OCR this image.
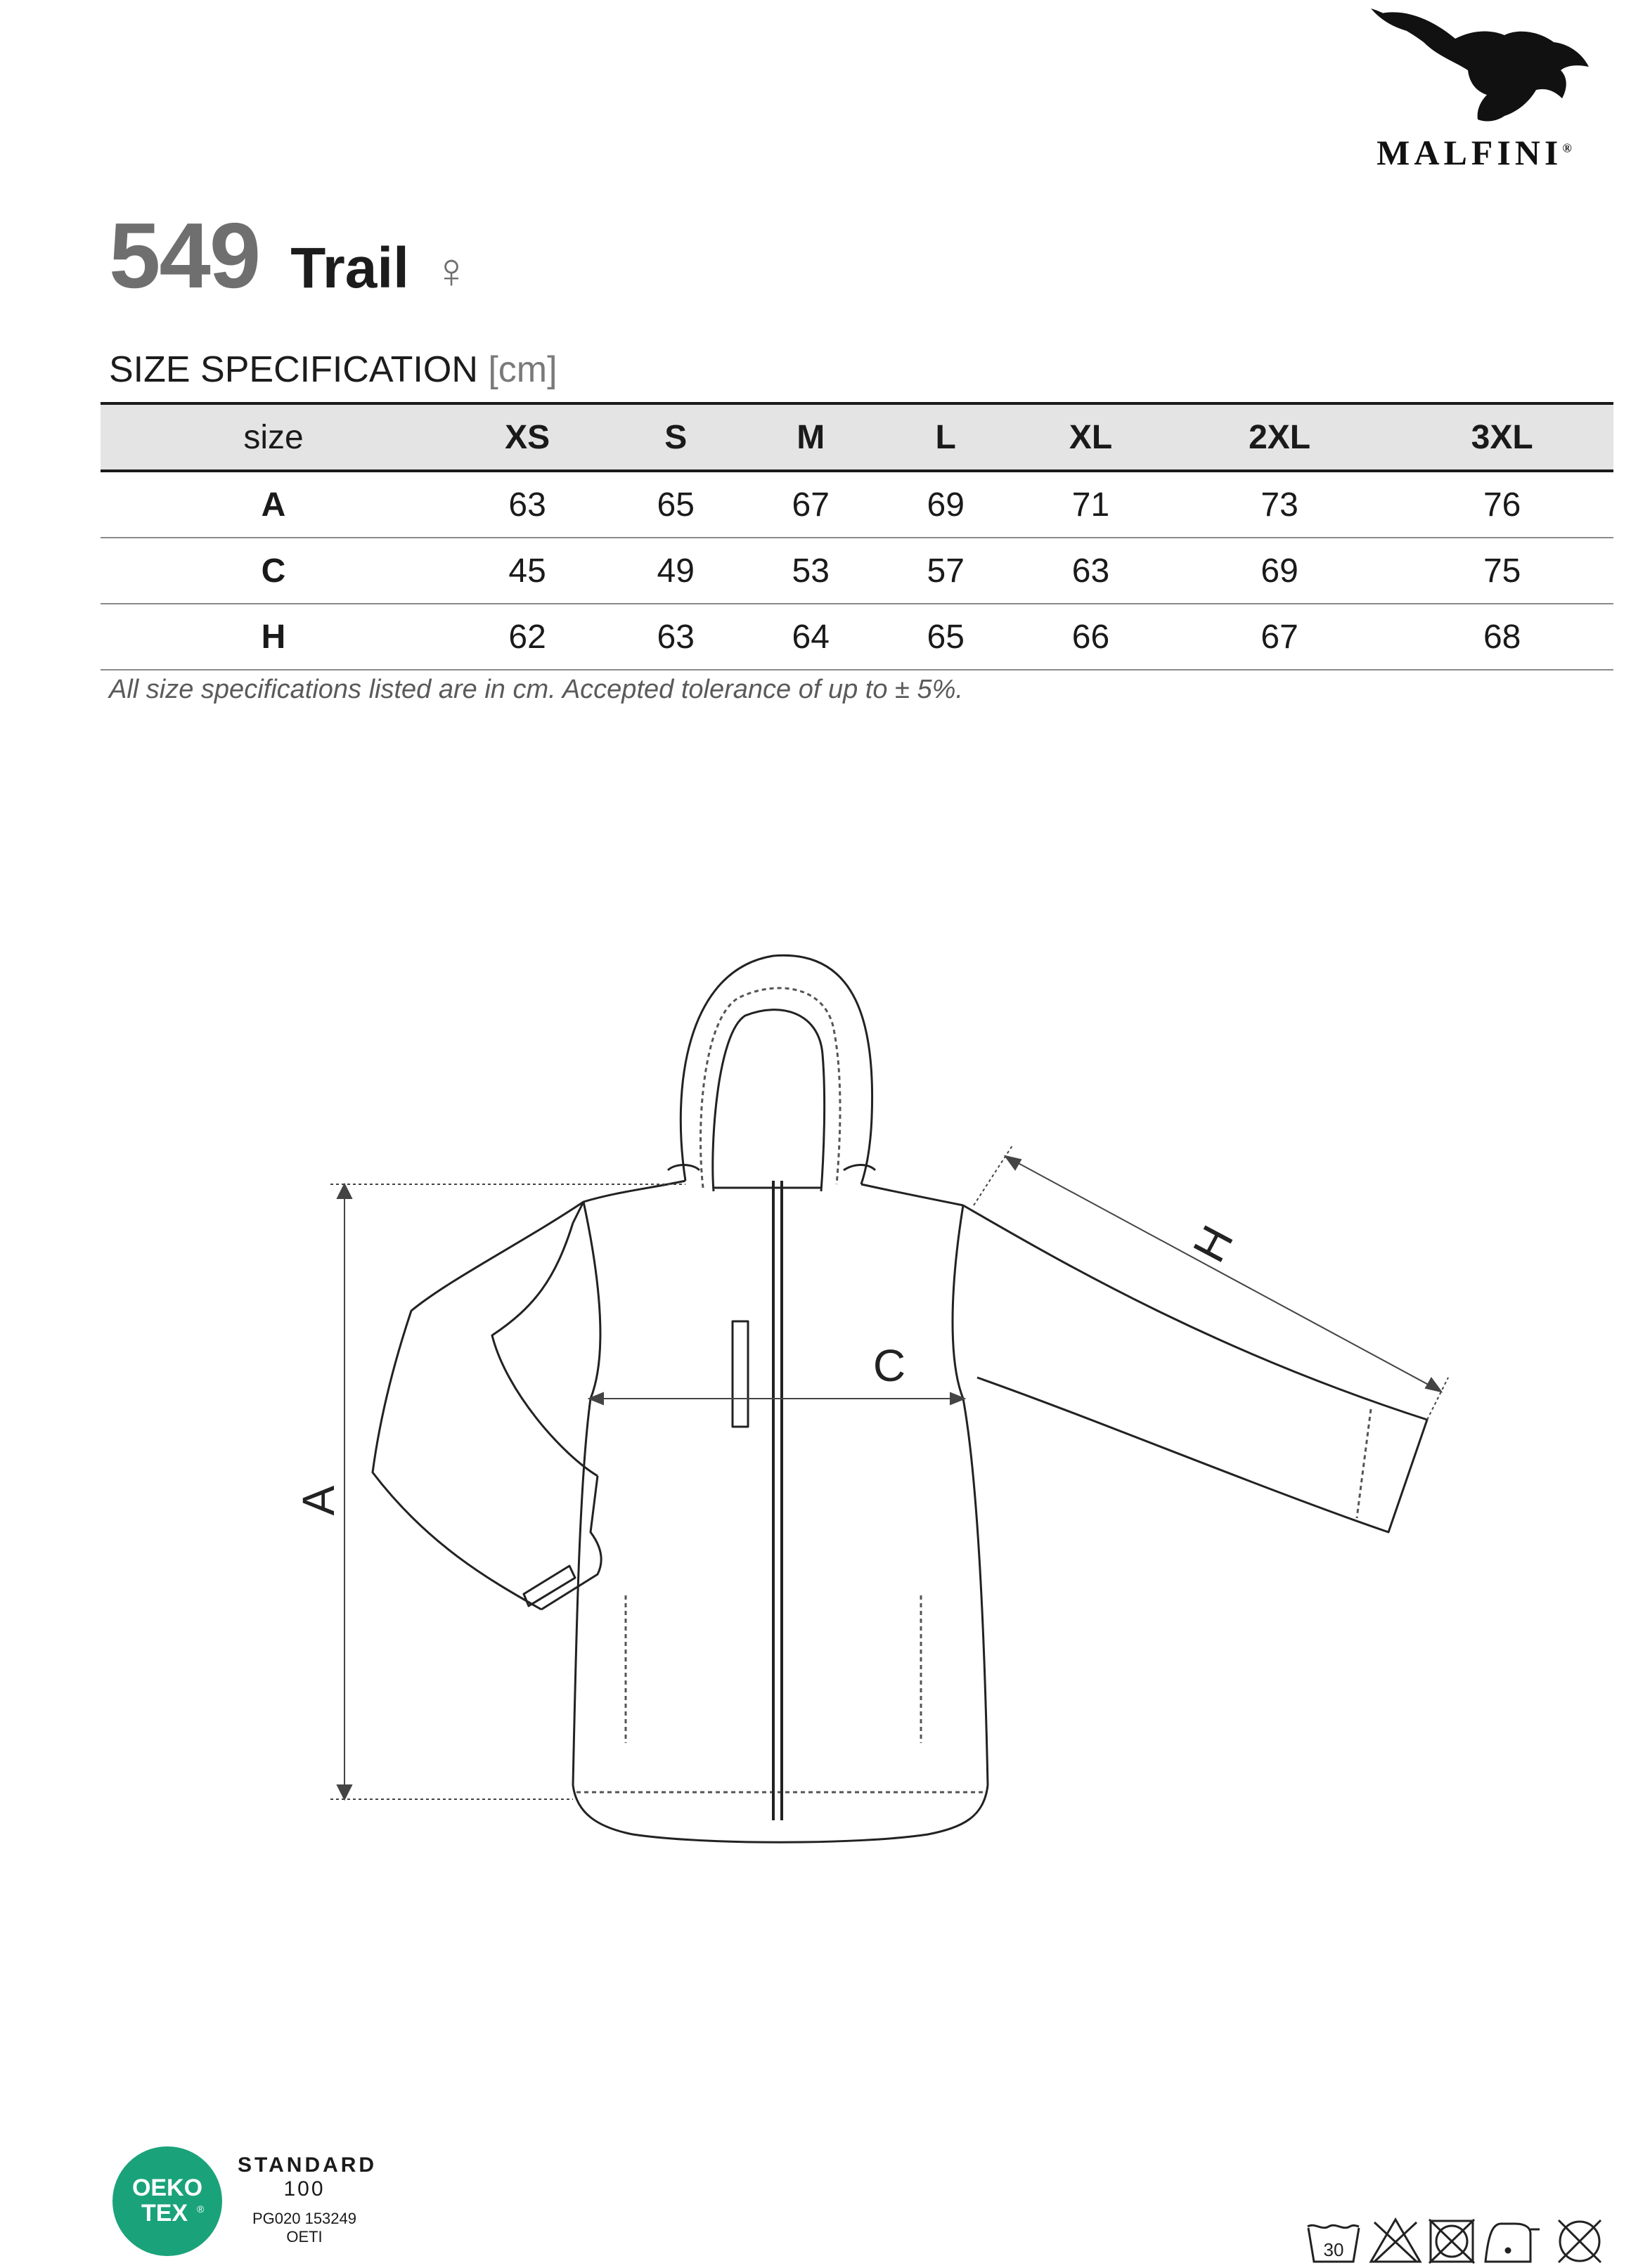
MALFINI®
549 Trail ♀
SIZE SPECIFICATION [cm]
size	XS	S	M	L	XL	2XL	3XL
A	63	65	67	69	71	73	76
C	45	49	53	57	63	69	75
H	62	63	64	65	66	67	68
All size specifications listed are in cm. Accepted tolerance of up to ± 5%.
A
C
H
OEKO
TEX ®
STANDARD
100
PG020 153249
OETI
30
